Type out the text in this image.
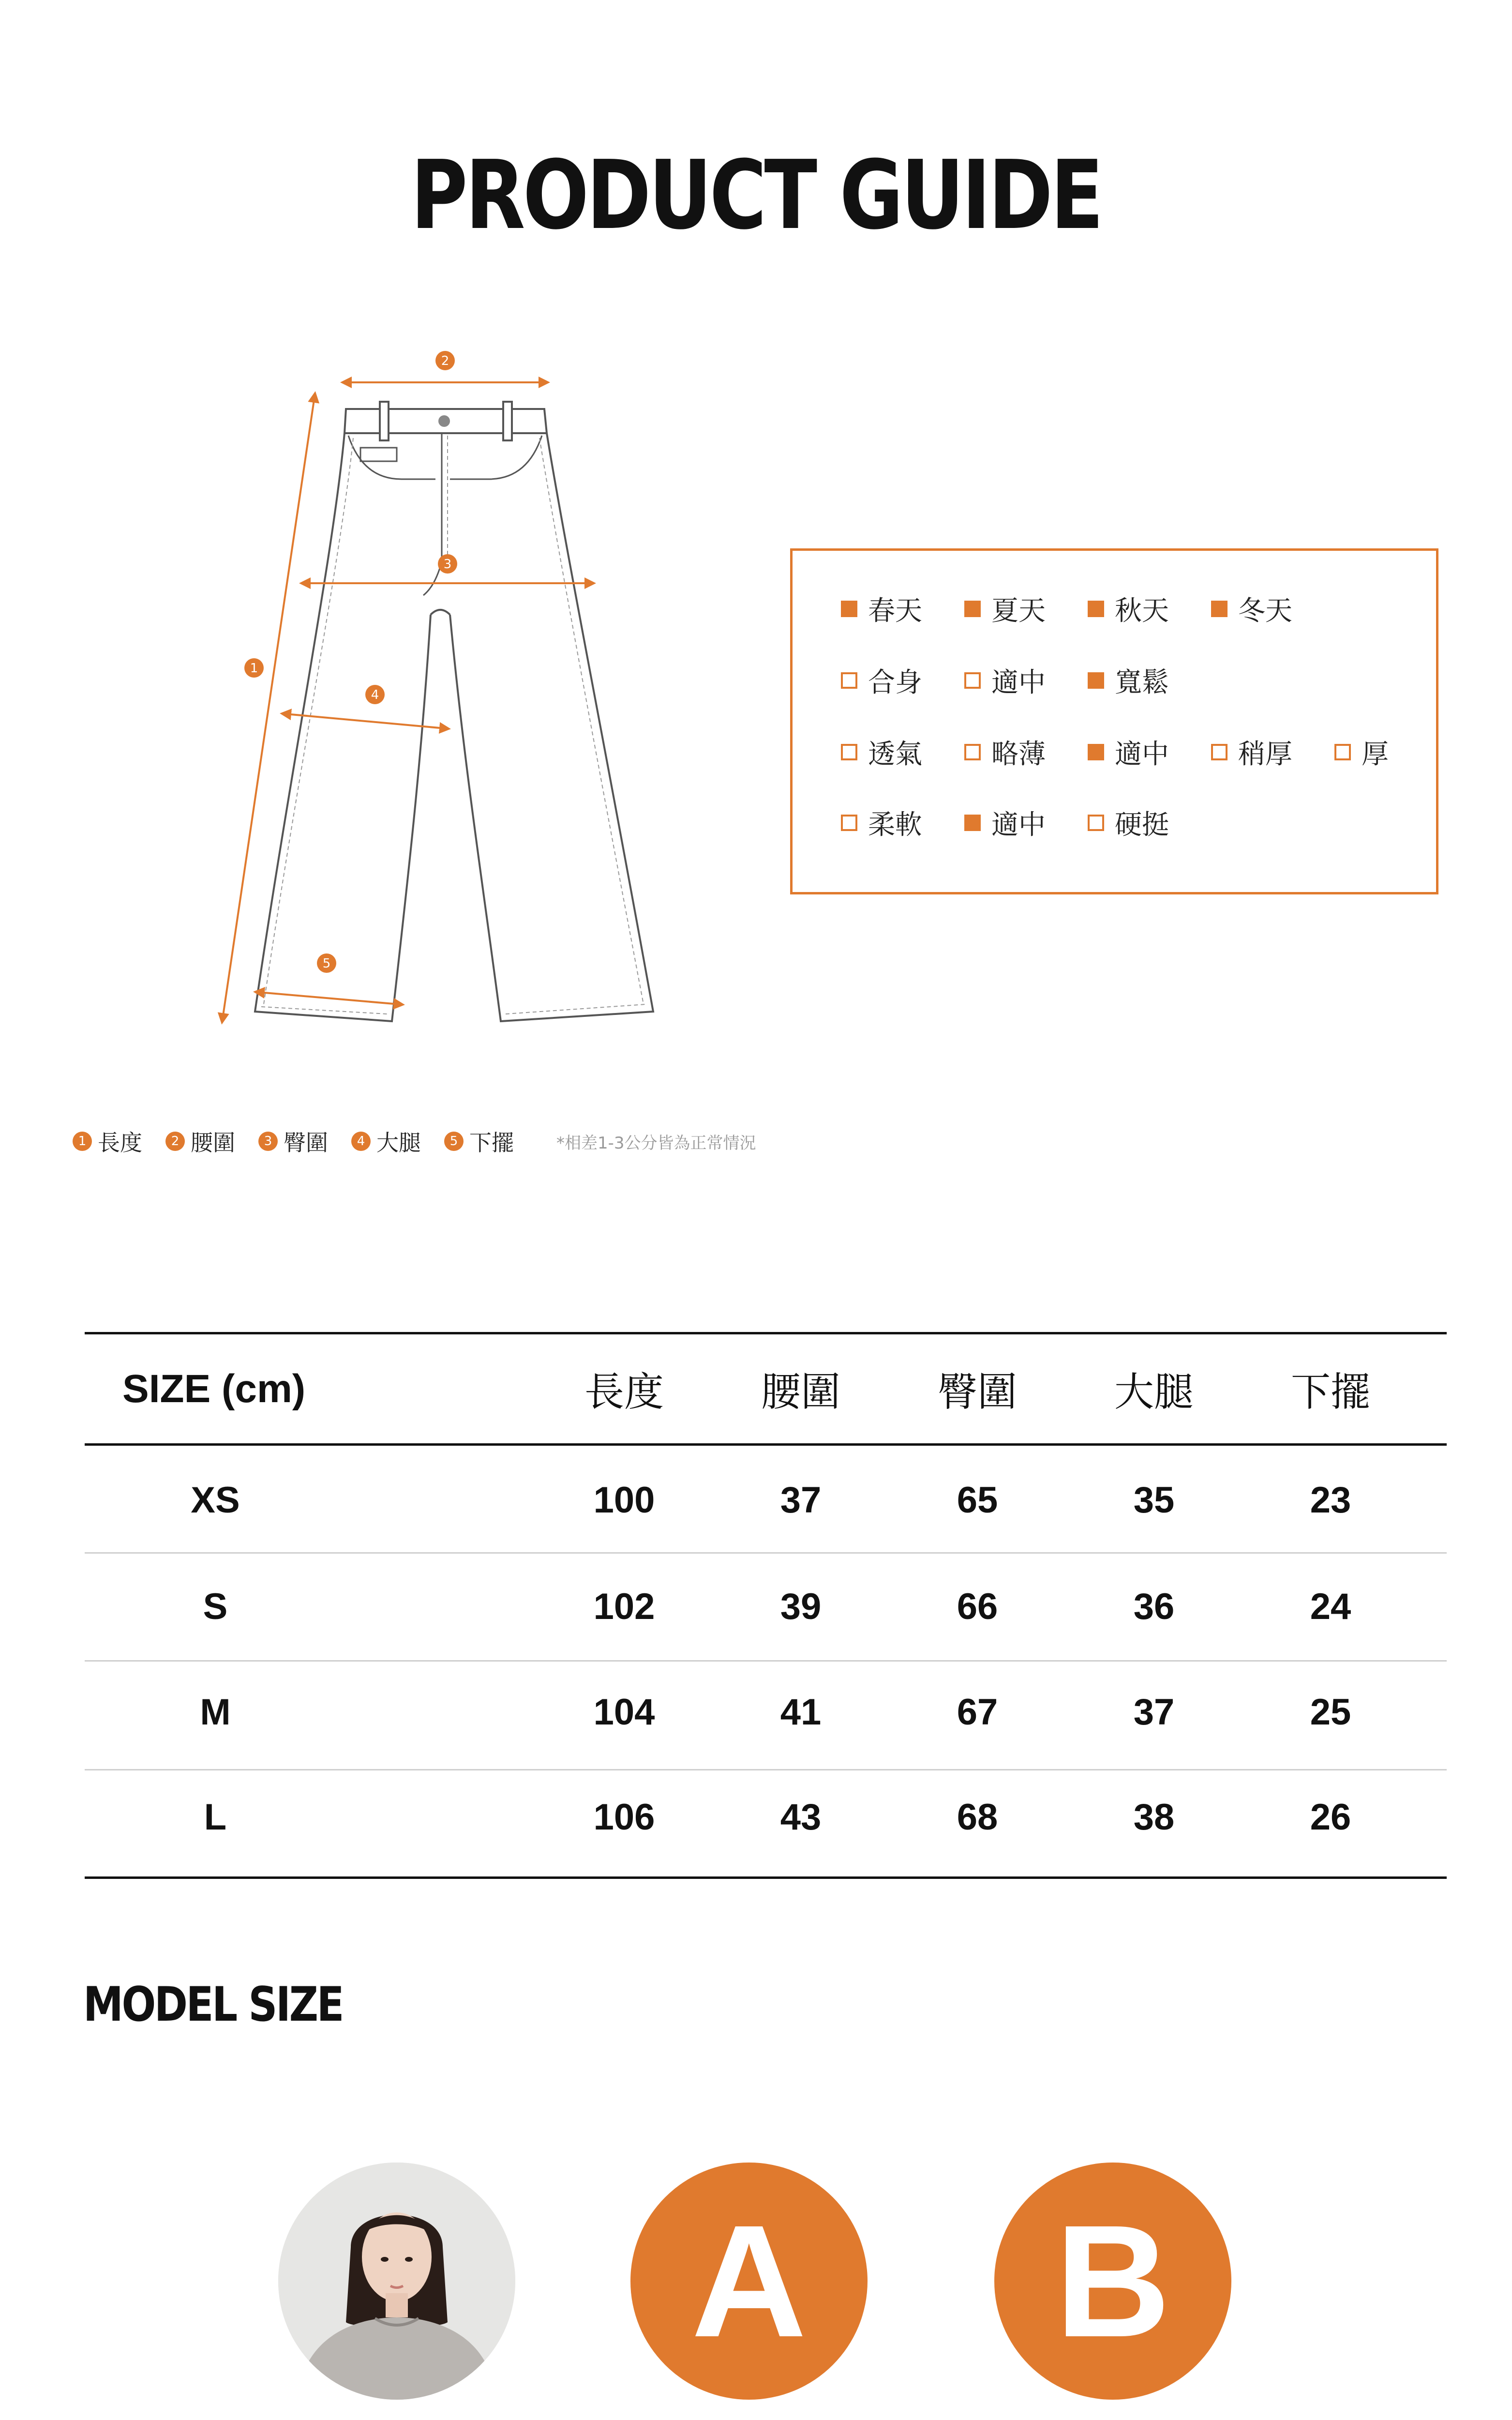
PRODUCT GUIDE
1
2
3
4
5
春天	夏天	秋天	冬天
合身	適中	寬鬆
透氣	略薄	適中	稍厚	厚
柔軟	適中	硬挺
1 長度	2 腰圍	3 臀圍	4 大腿	5 下擺	*相差1-3公分皆為正常情況
SIZE (cm)	長度	腰圍	臀圍	大腿	下擺
XS	100	37	65	35	23
S	102	39	66	36	24
M	104	41	67	37	25
L	106	43	68	38	26
MODEL SIZE
A B
